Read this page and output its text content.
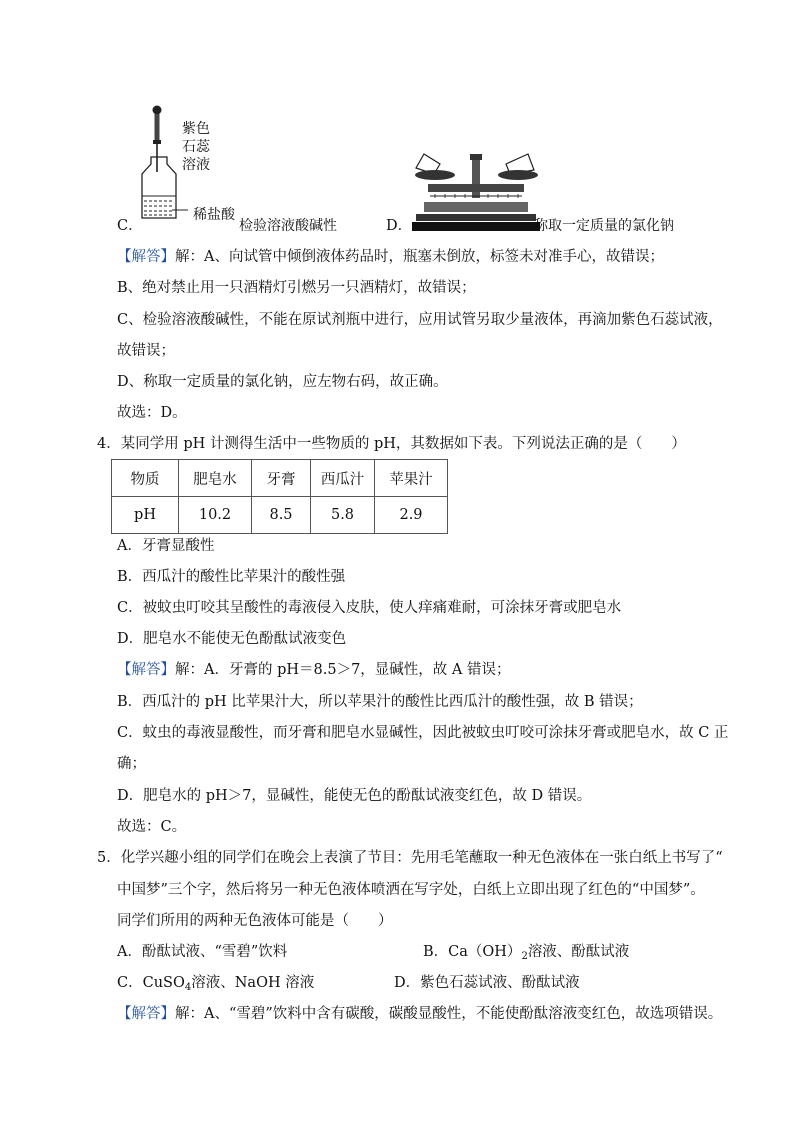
紫色
石蕊
溶液
稀盐酸
C．	检验溶液酸碱性	D．	称取一定质量的氯化钠
【解答】解：A、向试管中倾倒液体药品时，瓶塞未倒放，标签未对准手心，故错误；
B、绝对禁止用一只酒精灯引燃另一只酒精灯，故错误；
C、检验溶液酸碱性，不能在原试剂瓶中进行，应用试管另取少量液体，再滴加紫色石蕊试液，
故错误；
D、称取一定质量的氯化钠，应左物右码，故正确。
故选：D。
4．某同学用 pH 计测得生活中一些物质的 pH，其数据如下表。下列说法正确的是（　　）
物质	肥皂水	牙膏	西瓜汁	苹果汁
pH	10.2	8.5	5.8	2.9
A．牙膏显酸性
B．西瓜汁的酸性比苹果汁的酸性强
C．被蚊虫叮咬其呈酸性的毒液侵入皮肤，使人痒痛难耐，可涂抹牙膏或肥皂水
D．肥皂水不能使无色酚酞试液变色
【解答】解：A．牙膏的 pH＝8.5＞7，显碱性，故 A 错误；
B．西瓜汁的 pH 比苹果汁大，所以苹果汁的酸性比西瓜汁的酸性强，故 B 错误；
C．蚊虫的毒液显酸性，而牙膏和肥皂水显碱性，因此被蚊虫叮咬可涂抹牙膏或肥皂水，故 C 正
确；
D．肥皂水的 pH＞7，显碱性，能使无色的酚酞试液变红色，故 D 错误。
故选：C。
5．化学兴趣小组的同学们在晚会上表演了节目：先用毛笔蘸取一种无色液体在一张白纸上书写了“
中国梦”三个字，然后将另一种无色液体喷洒在写字处，白纸上立即出现了红色的“中国梦”。
同学们所用的两种无色液体可能是（　　）
A．酚酞试液、“雪碧”饮料	B．$Ca(OH)_2$溶液、酚酞试液
C．CuSO$_4$溶液、NaOH 溶液	D．紫色石蕊试液、酚酞试液
【解答】解：A、“雪碧”饮料中含有碳酸，碳酸显酸性，不能使酚酞溶液变红色，故选项错误。
